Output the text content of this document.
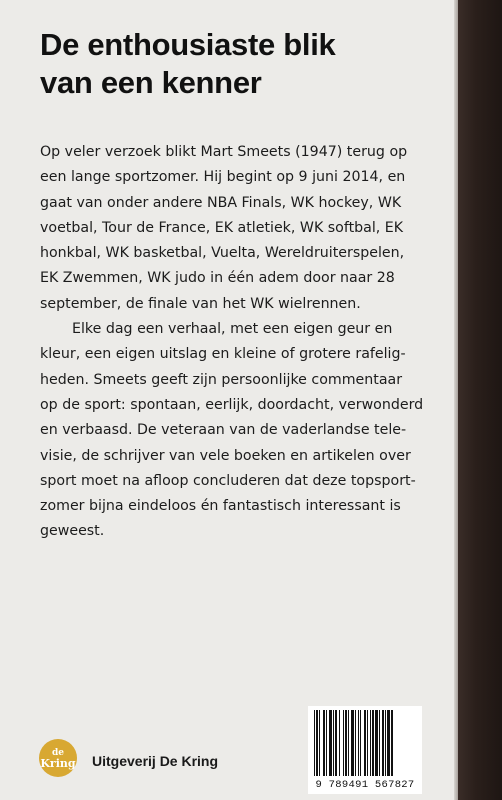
De enthousiaste blik
van een kenner

Op veler verzoek blikt Mart Smeets (1947) terug op
een lange sportzomer. Hij begint op 9 juni 2014, en
gaat van onder andere NBA Finals, WK hockey, WK
voetbal, Tour de France, EK atletiek, WK softbal, EK
honkbal, WK basketbal, Vuelta, Wereldruiterspelen,
EK Zwemmen, WK judo in één adem door naar 28
september, de finale van het WK wielrennen.

Elke dag een verhaal, met een eigen geur en
kleur, een eigen uitslag en kleine of grotere rafelig-
heden. Smeets geeft zijn persoonlijke commentaar
op de sport: spontaan, eerlijk, doordacht, verwonderd
en verbaasd. De veteraan van de vaderlandse tele-
visie, de schrijver van vele boeken en artikelen over
sport moet na afloop concluderen dat deze topsport-
zomer bijna eindeloos én fantastisch interessant is
geweest.

de
Kring Uitgeverij De Kring
9 789491 567827
